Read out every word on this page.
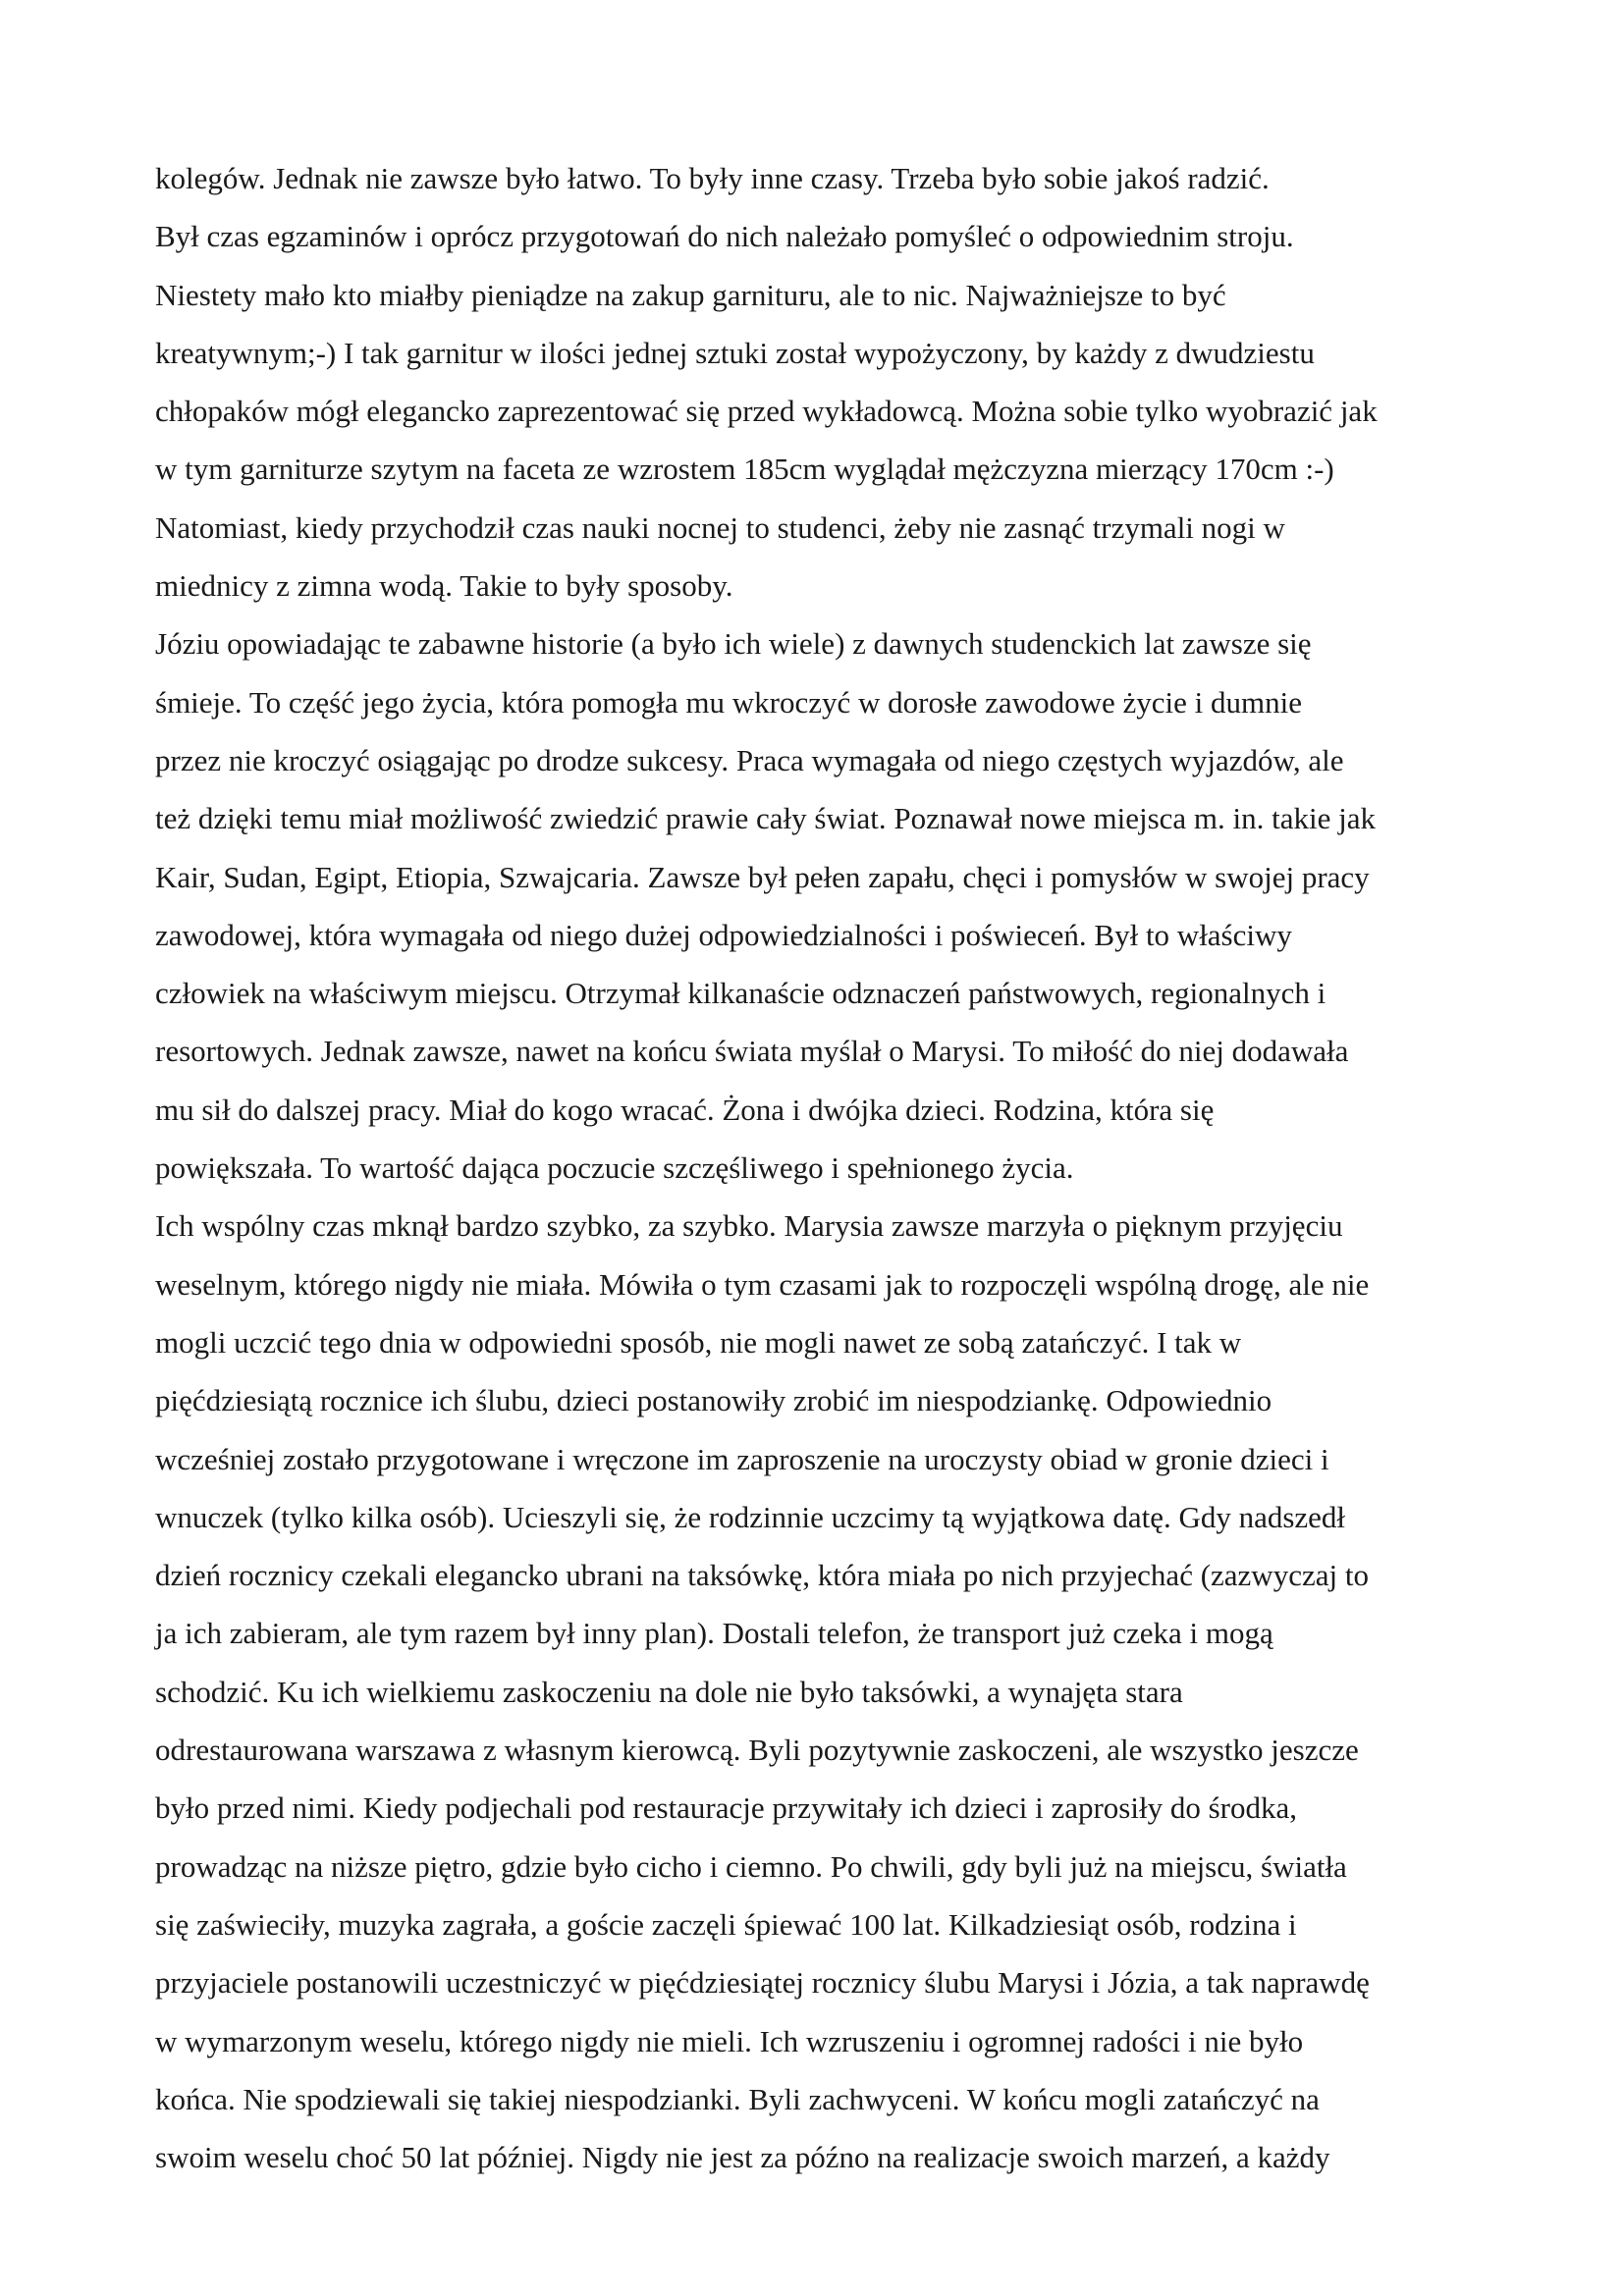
kolegów. Jednak nie zawsze było łatwo. To były inne czasy. Trzeba było sobie jakoś radzić.
Był czas egzaminów i oprócz przygotowań do nich należało pomyśleć o odpowiednim stroju.
Niestety mało kto miałby pieniądze na zakup garnituru, ale to nic. Najważniejsze to być
kreatywnym;-) I tak garnitur w ilości jednej sztuki został wypożyczony, by każdy z dwudziestu
chłopaków mógł elegancko zaprezentować się przed wykładowcą. Można sobie tylko wyobrazić jak
w tym garniturze szytym na faceta ze wzrostem 185cm wyglądał mężczyzna mierzący 170cm :-)
Natomiast, kiedy przychodził czas nauki nocnej to studenci, żeby nie zasnąć trzymali nogi w
miednicy z zimna wodą. Takie to były sposoby.
Józiu opowiadając te zabawne historie (a było ich wiele) z dawnych studenckich lat zawsze się
śmieje. To część jego życia, która pomogła mu wkroczyć w dorosłe zawodowe życie i dumnie
przez nie kroczyć osiągając po drodze sukcesy. Praca wymagała od niego częstych wyjazdów, ale
też dzięki temu miał możliwość zwiedzić prawie cały świat. Poznawał nowe miejsca m. in. takie jak
Kair, Sudan, Egipt, Etiopia, Szwajcaria. Zawsze był pełen zapału, chęci i pomysłów w swojej pracy
zawodowej, która wymagała od niego dużej odpowiedzialności i poświeceń. Był to właściwy
człowiek na właściwym miejscu. Otrzymał kilkanaście odznaczeń państwowych, regionalnych i
resortowych. Jednak zawsze, nawet na końcu świata myślał o Marysi. To miłość do niej dodawała
mu sił do dalszej pracy. Miał do kogo wracać. Żona i dwójka dzieci. Rodzina, która się
powiększała. To wartość dająca poczucie szczęśliwego i spełnionego życia.
Ich wspólny czas mknął bardzo szybko, za szybko. Marysia zawsze marzyła o pięknym przyjęciu
weselnym, którego nigdy nie miała. Mówiła o tym czasami jak to rozpoczęli wspólną drogę, ale nie
mogli uczcić tego dnia w odpowiedni sposób, nie mogli nawet ze sobą zatańczyć. I tak w
pięćdziesiątą rocznice ich ślubu, dzieci postanowiły zrobić im niespodziankę. Odpowiednio
wcześniej zostało przygotowane i wręczone im zaproszenie na uroczysty obiad w gronie dzieci i
wnuczek (tylko kilka osób). Ucieszyli się, że rodzinnie uczcimy tą wyjątkowa datę. Gdy nadszedł
dzień rocznicy czekali elegancko ubrani na taksówkę, która miała po nich przyjechać (zazwyczaj to
ja ich zabieram, ale tym razem był inny plan). Dostali telefon, że transport już czeka i mogą
schodzić. Ku ich wielkiemu zaskoczeniu na dole nie było taksówki, a wynajęta stara
odrestaurowana warszawa z własnym kierowcą. Byli pozytywnie zaskoczeni, ale wszystko jeszcze
było przed nimi. Kiedy podjechali pod restauracje przywitały ich dzieci i zaprosiły do środka,
prowadząc na niższe piętro, gdzie było cicho i ciemno. Po chwili, gdy byli już na miejscu, światła
się zaświeciły, muzyka zagrała, a goście zaczęli śpiewać 100 lat. Kilkadziesiąt osób, rodzina i
przyjaciele postanowili uczestniczyć w pięćdziesiątej rocznicy ślubu Marysi i Józia, a tak naprawdę
w wymarzonym weselu, którego nigdy nie mieli. Ich wzruszeniu i ogromnej radości i nie było
końca. Nie spodziewali się takiej niespodzianki. Byli zachwyceni. W końcu mogli zatańczyć na
swoim weselu choć 50 lat później. Nigdy nie jest za późno na realizacje swoich marzeń, a każdy
